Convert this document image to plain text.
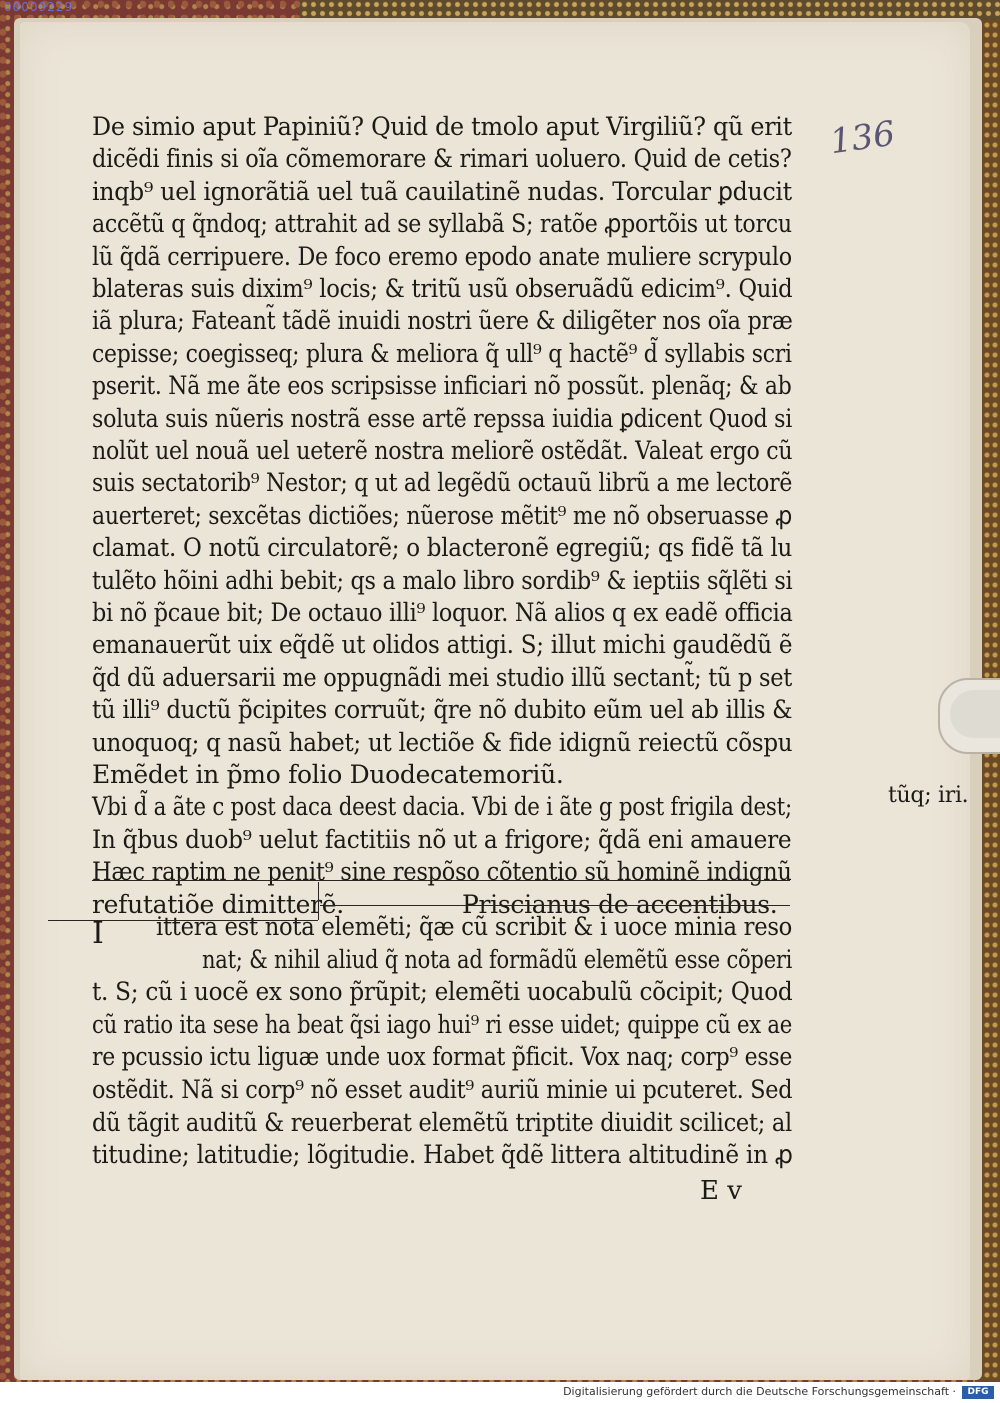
00009229
136
De simio aput Papiniũ? Quid de tmolo aput Virgiliũ? qũ erit
dicẽdi finis si oĩa cõmemorare & rimari uoluero. Quid de cetis?
inqb⁹ uel ignorãtiã uel tuã cauilatinẽ nudas. Torcular ꝑducit
accẽtũ q q̃ndoq; attrahit ad se syllabã S; ratõe ꝓportõis ut torcu
lũ q̃dã cerripuere. De foco eremo epodo anate muliere scrypulo
blateras suis dixim⁹ locis; & tritũ usũ obseruãdũ edicim⁹. Quid
iã plura; Fateant̃ tãdẽ inuidi nostri ũere & diligẽter nos oĩa præ
cepisse; coegisseq; plura & meliora q̃ ull⁹ q hactẽ⁹ d̃ syllabis scri
pserit. Nã me ãte eos scripsisse inficiari nõ possũt. plenãq; & ab
soluta suis nũeris nostrã esse artẽ repssa iuidia ꝑdicent Quod si
nolũt uel nouã uel ueterẽ nostra meliorẽ ostẽdãt. Valeat ergo cũ
suis sectatorib⁹ Nestor; q ut ad legẽdũ octauũ librũ a me lectorẽ
auerteret; sexcẽtas dictiões; nũerose mẽtit⁹ me nõ obseruasse ꝓ
clamat. O notũ circulatorẽ; o blacteronẽ egregiũ; qs fidẽ tã lu
tulẽto hõini adhi bebit; qs a malo libro sordib⁹ & ieptiis sq̃lẽti si
bi nõ p̃caue bit; De octauo illi⁹ loquor. Nã alios q ex eadẽ officia
emanauerũt uix eq̃dẽ ut olidos attigi. S; illut michi gaudẽdũ ẽ
q̃d dũ aduersarii me oppugnãdi mei studio illũ sectant̃; tũ p set
tũ illi⁹ ductũ p̃cipites corruũt; q̃re nõ dubito eũm uel ab illis &
unoquoq; q nasũ habet; ut lectiõe & fide idignũ reiectũ cõspu
Emẽdet in p̃mo folio Duodecatemoriũ.
Vbi d̃ a ãte c post daca deest dacia. Vbi de i ãte g post frigila dest;
In q̃bus duob⁹ uelut factitiis nõ ut a frigore; q̃dã eni amauere
Hæc raptim ne penit⁹ sine respõso cõtentio sũ hominẽ indignũ
refutatiõe dimitterẽ.	Priscianus de accentibus.
ittera est nota elemẽti; q̃æ cũ scribit & i uoce minia reso
nat; & nihil aliud q̃ nota ad formãdũ elemẽtũ esse cõperi
t. S; cũ i uocẽ ex sono p̃rũpit; elemẽti uocabulũ cõcipit; Quod
cũ ratio ita sese ha beat q̃si iago hui⁹ ri esse uidet; quippe cũ ex ae
re pcussio ictu liguæ unde uox format p̃ficit. Vox naq; corp⁹ esse
ostẽdit. Nã si corp⁹ nõ esset audit⁹ auriũ minie ui pcuteret. Sed
dũ tãgit auditũ & reuerberat elemẽtũ triptite diuidit scilicet; al
titudine; latitudie; lõgitudie. Habet q̃dẽ littera altitudinẽ in ꝓ
tũq; iri.
I
E v
Digitalisierung gefördert durch die Deutsche Forschungsgemeinschaft ·	DFG
